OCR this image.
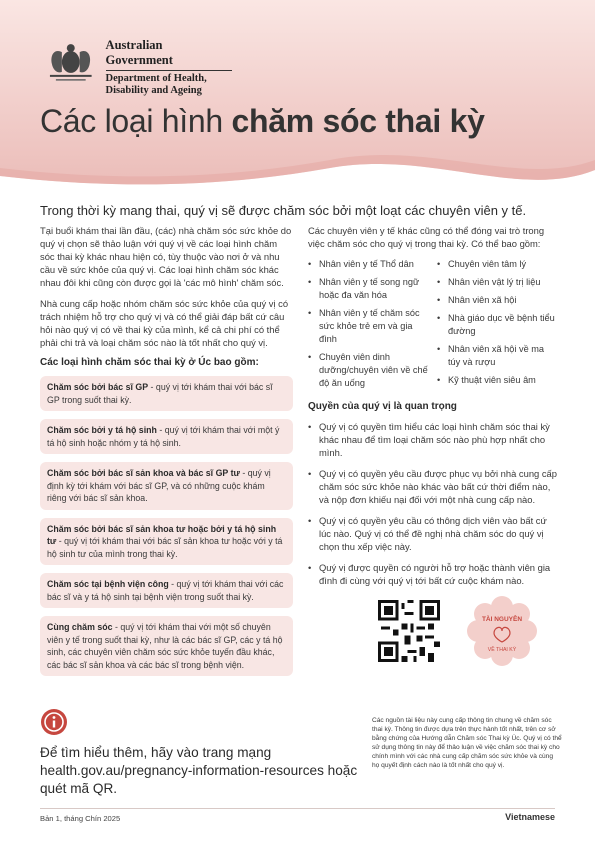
Australian Government
Department of Health,
Disability and Ageing
Các loại hình chăm sóc thai kỳ
Trong thời kỳ mang thai, quý vị sẽ được chăm sóc bởi một loạt các chuyên viên y tế.

Tại buổi khám thai lần đầu, (các) nhà chăm sóc sức khỏe do quý vị chọn sẽ thảo luận với quý vị về các loại hình chăm sóc thai kỳ khác nhau hiện có, tùy thuộc vào nơi ở và nhu cầu về sức khỏe của quý vị. Các loại hình chăm sóc khác nhau đôi khi cũng còn được gọi là 'các mô hình' chăm sóc.

Nhà cung cấp hoặc nhóm chăm sóc sức khỏe của quý vị có trách nhiệm hỗ trợ cho quý vị và có thể giải đáp bất cứ câu hỏi nào quý vị có về thai kỳ của mình, kể cả chi phí có thể phải chi trả và loại chăm sóc nào là tốt nhất cho quý vị.

Các loại hình chăm sóc thai kỳ ở Úc bao gồm:
Chăm sóc bởi bác sĩ GP - quý vị tới khám thai với bác sĩ GP trong suốt thai kỳ.
Chăm sóc bởi y tá hộ sinh - quý vị tới khám thai với một ý tá hộ sinh hoặc nhóm y tá hộ sinh.
Chăm sóc bởi bác sĩ sản khoa và bác sĩ GP tư - quý vị định kỳ tới khám với bác sĩ GP, và có những cuộc khám riêng với bác sĩ sản khoa.
Chăm sóc bởi bác sĩ sản khoa tư hoặc bởi y tá hộ sinh tư - quý vị tới khám thai với bác sĩ sản khoa tư hoặc với y tá hộ sinh tư của mình trong thai kỳ.
Chăm sóc tại bệnh viện công - quý vị tới khám thai với các bác sĩ và y tá hộ sinh tại bệnh viện trong suốt thai kỳ.
Cùng chăm sóc - quý vị tới khám thai với một số chuyên viên y tế trong suốt thai kỳ, như là các bác sĩ GP, các y tá hộ sinh, các chuyên viên chăm sóc sức khỏe tuyến đầu khác, các bác sĩ sản khoa và các bác sĩ trong bệnh viện.

Các chuyên viên y tế khác cũng có thể đóng vai trò trong việc chăm sóc cho quý vị trong thai kỳ. Có thể bao gồm:

• Nhân viên y tế Thổ dân
• Nhân viên y tế song ngữ hoặc đa văn hóa
• Nhân viên y tế chăm sóc sức khỏe trẻ em và gia đình
• Chuyên viên dinh dưỡng/chuyên viên về chế độ ăn uống
• Chuyên viên tâm lý
• Nhân viên vật lý trị liệu
• Nhân viên xã hội
• Nhà giáo dục về bệnh tiểu đường
• Nhân viên xã hội về ma túy và rượu
• Kỹ thuật viên siêu âm
Quyền của quý vị là quan trọng
• Quý vị có quyền tìm hiểu các loại hình chăm sóc thai kỳ khác nhau để tìm loại chăm sóc nào phù hợp nhất cho mình.
• Quý vị có quyền yêu cầu được phục vụ bởi nhà cung cấp chăm sóc sức khỏe nào khác vào bất cứ thời điểm nào, và nộp đơn khiếu nại đối với một nhà cung cấp nào.
• Quý vị có quyền yêu cầu có thông dịch viên vào bất cứ lúc nào. Quý vị có thể đề nghị nhà chăm sóc do quý vị chọn thu xếp việc này.
• Quý vị được quyền có người hỗ trợ hoặc thành viên gia đình đi cùng với quý vị tới bất cứ cuộc khám nào.
TÀI NGUYÊN
VỀ THAI KỲ
Để tìm hiểu thêm, hãy vào trang mạng health.gov.au/pregnancy-information-resources hoặc quét mã QR.
Các nguồn tài liệu này cung cấp thông tin chung về chăm sóc thai kỳ. Thông tin được dựa trên thực hành tốt nhất, trên cơ sở bằng chứng của Hướng dẫn Chăm sóc Thai kỳ Úc. Quý vị có thể sử dụng thông tin này để thảo luận về việc chăm sóc thai kỳ cho chính mình với các nhà cung cấp chăm sóc sức khỏe và cùng họ quyết định cách nào là tốt nhất cho quý vị.
Bản 1, tháng Chín 2025	Vietnamese
